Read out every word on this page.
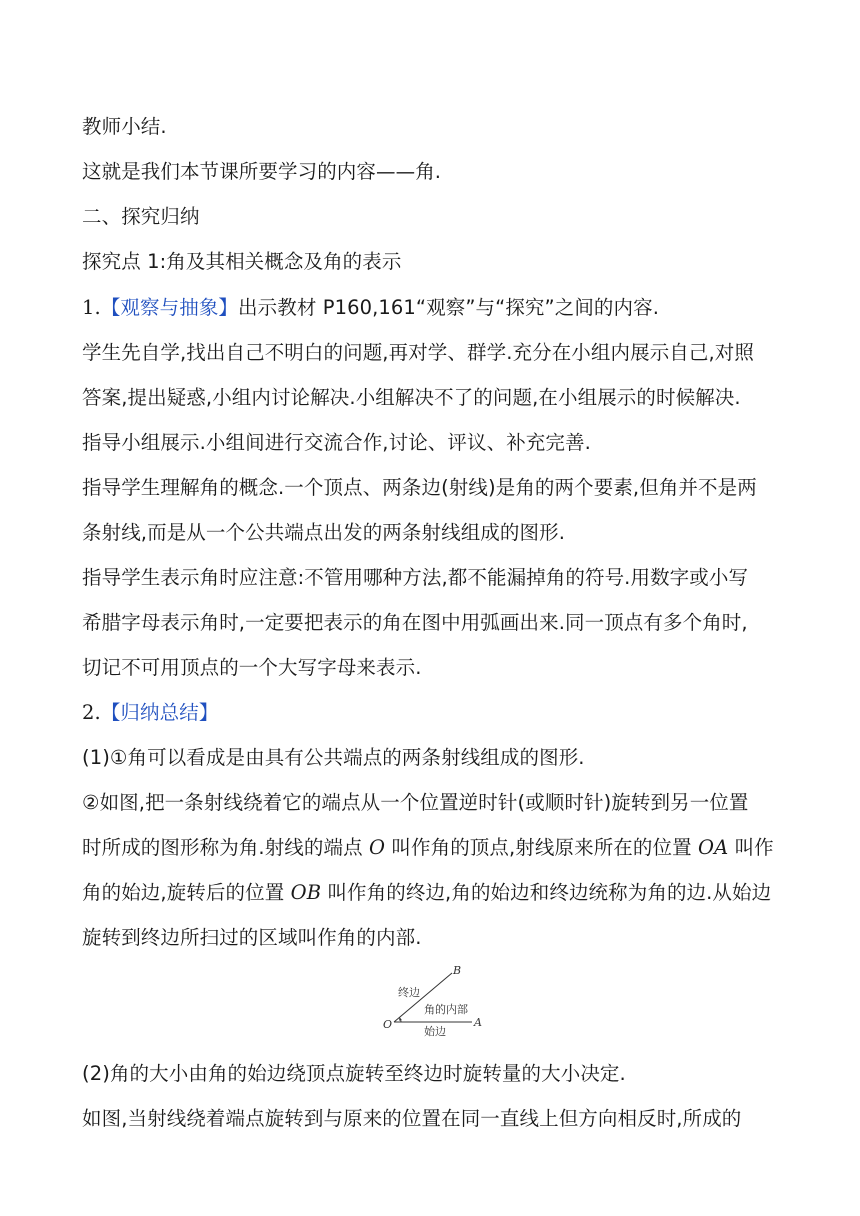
教师小结.
这就是我们本节课所要学习的内容——角.
二、探究归纳
探究点 1:角及其相关概念及角的表示
1.【观察与抽象】出示教材 P160,161“观察”与“探究”之间的内容.
学生先自学,找出自己不明白的问题,再对学、群学.充分在小组内展示自己,对照
答案,提出疑惑,小组内讨论解决.小组解决不了的问题,在小组展示的时候解决.
指导小组展示.小组间进行交流合作,讨论、评议、补充完善.
指导学生理解角的概念.一个顶点、两条边(射线)是角的两个要素,但角并不是两
条射线,而是从一个公共端点出发的两条射线组成的图形.
指导学生表示角时应注意:不管用哪种方法,都不能漏掉角的符号.用数字或小写
希腊字母表示角时,一定要把表示的角在图中用弧画出来.同一顶点有多个角时,
切记不可用顶点的一个大写字母来表示.
2.【归纳总结】
(1)①角可以看成是由具有公共端点的两条射线组成的图形.
②如图,把一条射线绕着它的端点从一个位置逆时针(或顺时针)旋转到另一位置
时所成的图形称为角.射线的端点 O 叫作角的顶点,射线原来所在的位置 OA 叫作
角的始边,旋转后的位置 OB 叫作角的终边,角的始边和终边统称为角的边.从始边
旋转到终边所扫过的区域叫作角的内部.
B
A
O
终边
角的内部
始边
(2)角的大小由角的始边绕顶点旋转至终边时旋转量的大小决定.
如图,当射线绕着端点旋转到与原来的位置在同一直线上但方向相反时,所成的
